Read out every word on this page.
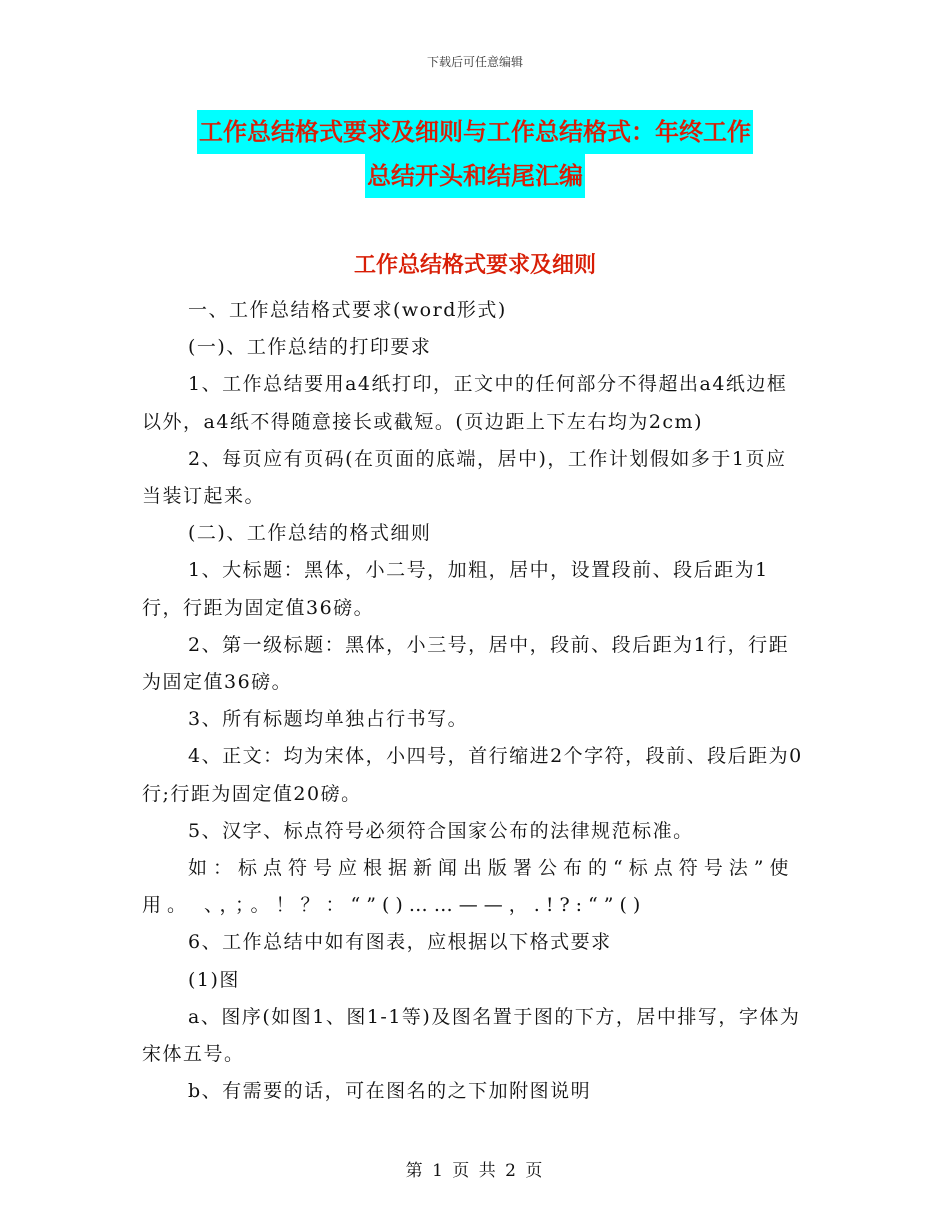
下载后可任意编辑
工作总结格式要求及细则与工作总结格式：年终工作
总结开头和结尾汇编
工作总结格式要求及细则

一、工作总结格式要求(word形式)

(一)、工作总结的打印要求

1、工作总结要用a4纸打印，正文中的任何部分不得超出a4纸边框以外，a4纸不得随意接长或截短。(页边距上下左右均为2cm)

2、每页应有页码(在页面的底端，居中)，工作计划假如多于1页应当装订起来。

(二)、工作总结的格式细则

1、大标题：黑体，小二号，加粗，居中，设置段前、段后距为1行，行距为固定值36磅。

2、第一级标题：黑体，小三号，居中，段前、段后距为1行，行距为固定值36磅。

3、所有标题均单独占行书写。

4、正文：均为宋体，小四号，首行缩进2个字符，段前、段后距为0行;行距为固定值20磅。

5、汉字、标点符号必须符合国家公布的法律规范标准。

如：标点符号应根据新闻出版署公布的“标点符号法”使用。 、，；。！？：“”()……——，.!?:“”()

6、工作总结中如有图表，应根据以下格式要求

(1)图

a、图序(如图1、图1-1等)及图名置于图的下方，居中排写，字体为宋体五号。

b、有需要的话，可在图名的之下加附图说明

第 1 页 共 2 页
